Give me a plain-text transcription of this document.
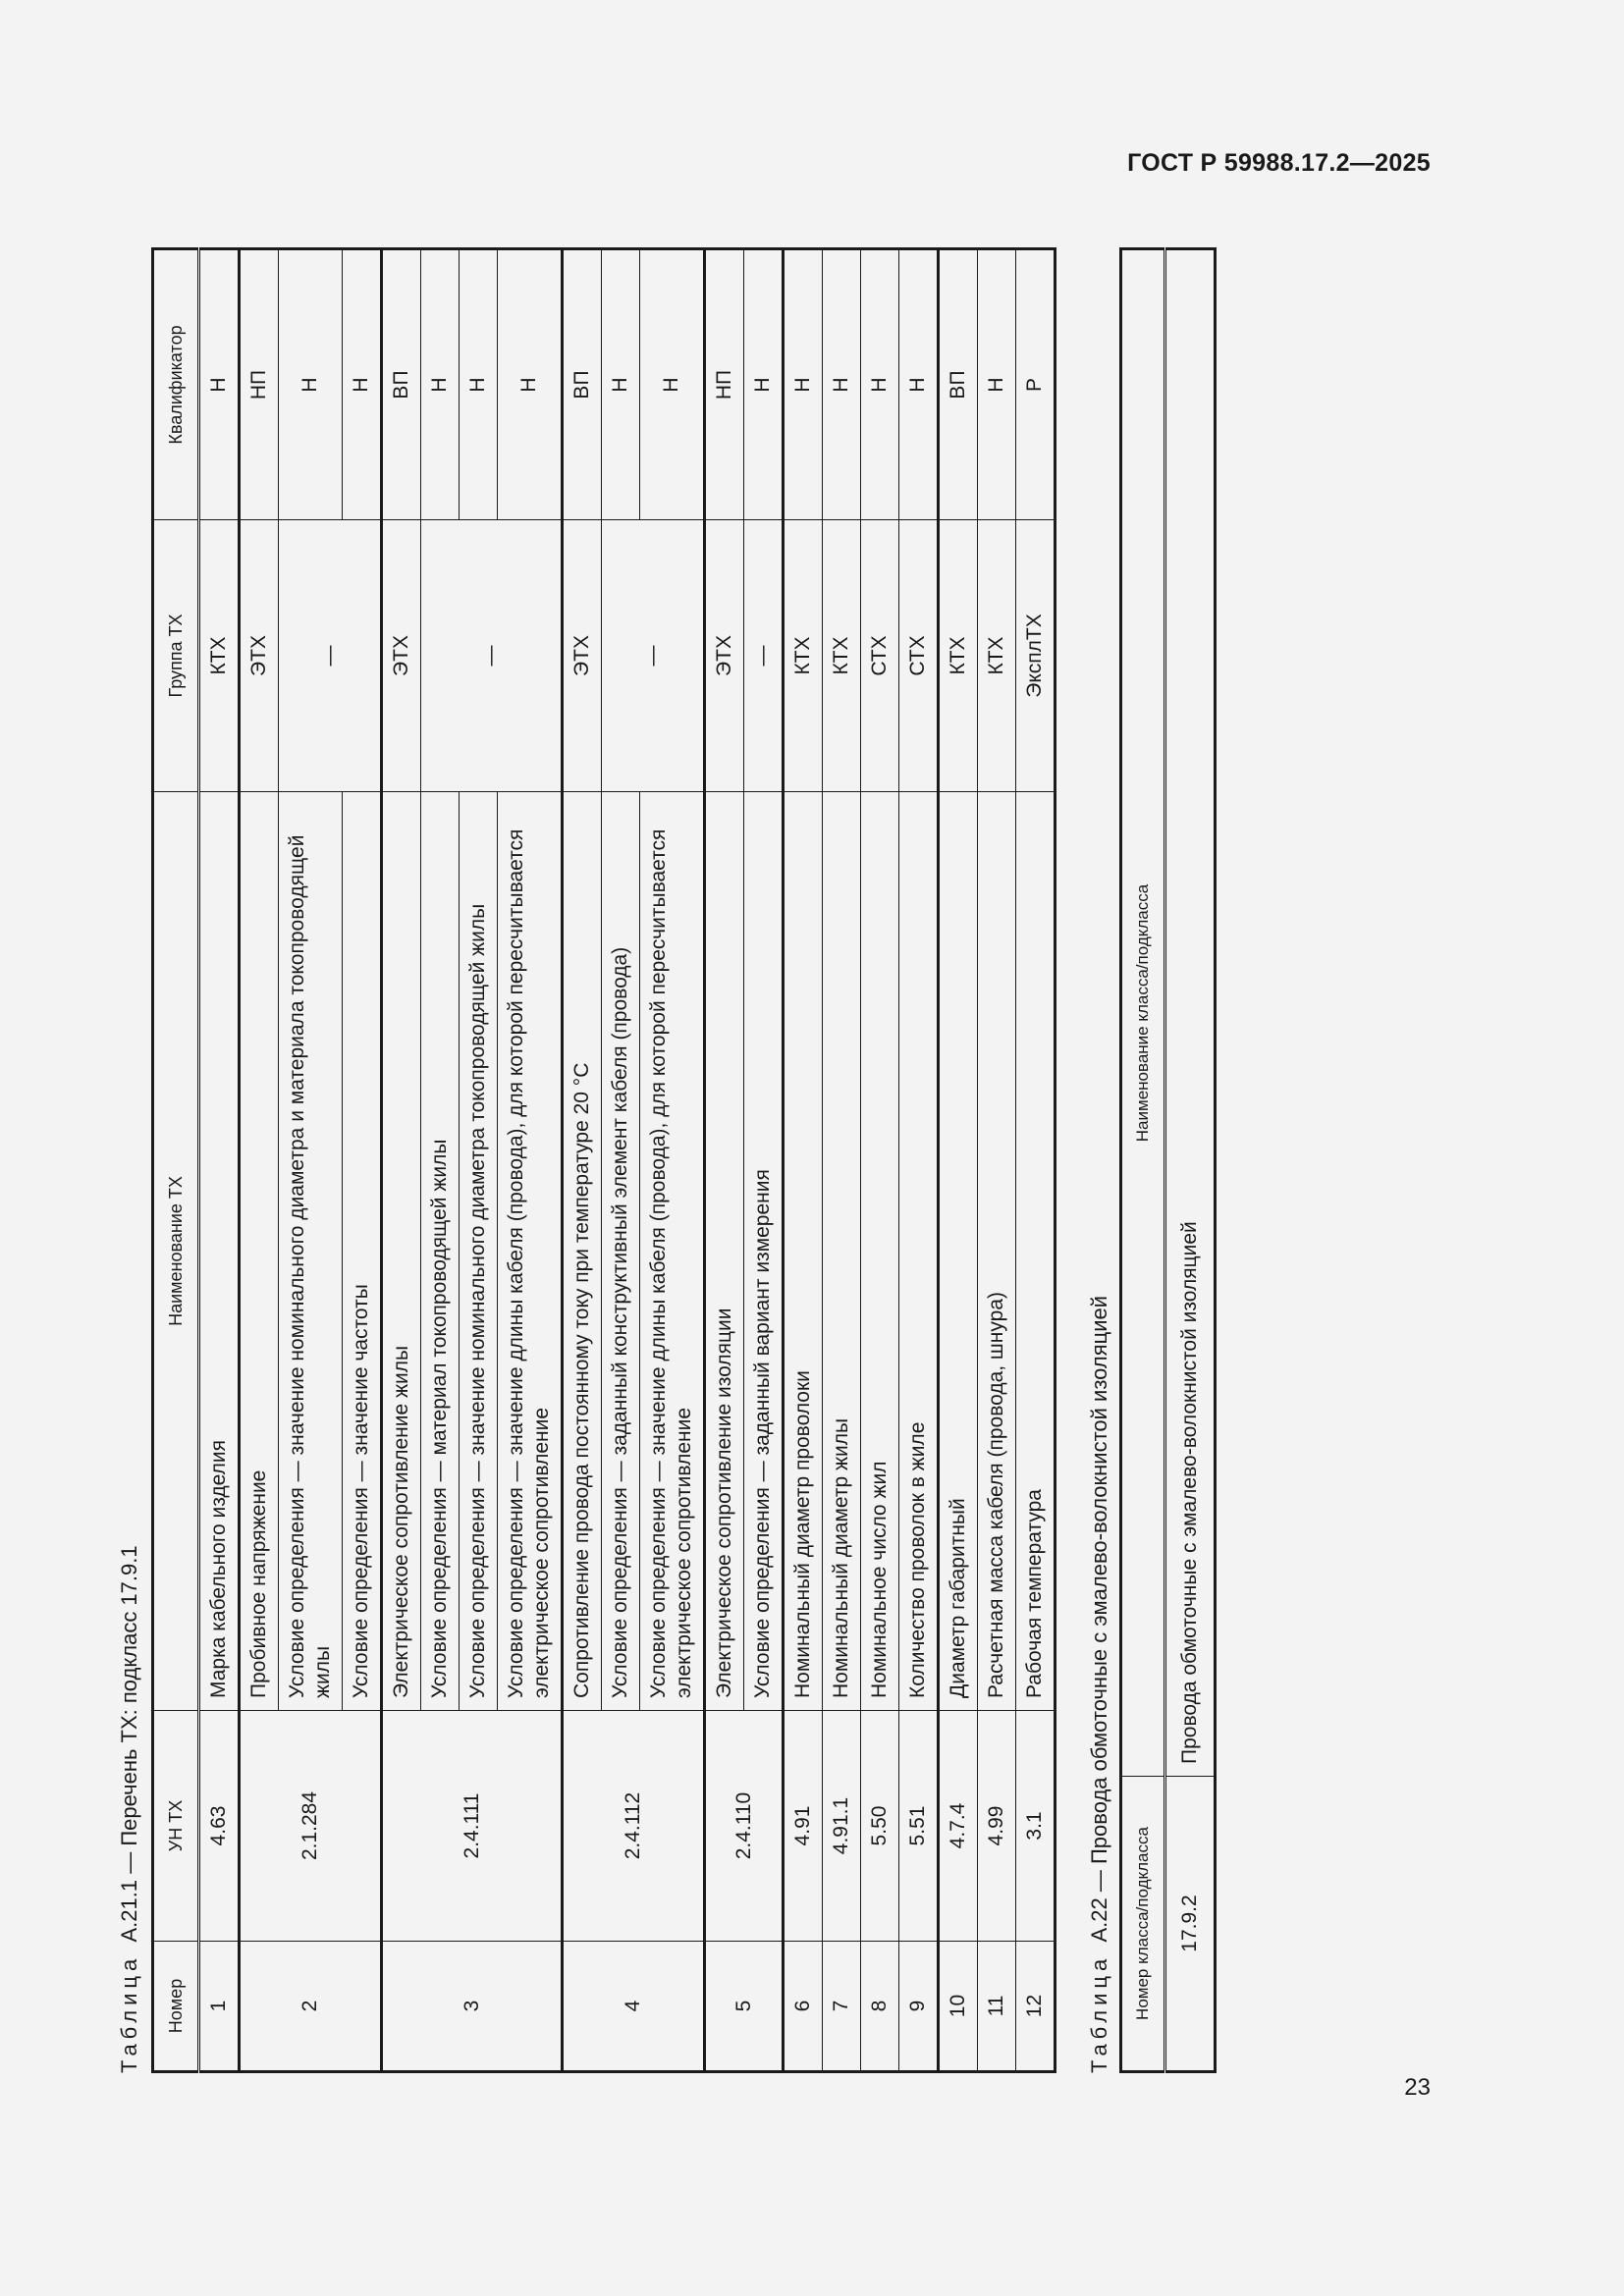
ГОСТ Р 59988.17.2—2025
Таблица  А.21.1 — Перечень ТХ: подкласс 17.9.1
Номер	УН ТХ	Наименование ТХ	Группа ТХ	Квалификатор
1	4.63	Марка кабельного изделия	КТХ	Н
2	2.1.284	Пробивное напряжение	ЭТХ	НП
		Условие определения — значение номинального диаметра и материала токопроводящей жилы	—	Н
		Условие определения — значение частоты		Н
3	2.4.111	Электрическое сопротивление жилы	ЭТХ	ВП
		Условие определения — материал токопроводящей жилы	—	Н
		Условие определения — значение номинального диаметра токопроводящей жилы		Н
		Условие определения — значение длины кабеля (провода), для которой пересчитывается электрическое сопротивление		Н
4	2.4.112	Сопротивление провода постоянному току при температуре 20 °С	ЭТХ	ВП
		Условие определения — заданный конструктивный элемент кабеля (провода)	—	Н
		Условие определения — значение длины кабеля (провода), для которой пересчитывается электрическое сопротивление		Н
5	2.4.110	Электрическое сопротивление изоляции	ЭТХ	НП
		Условие определения — заданный вариант измерения	—	Н
6	4.91	Номинальный диаметр проволоки	КТХ	Н
7	4.91.1	Номинальный диаметр жилы	КТХ	Н
8	5.50	Номинальное число жил	СТХ	Н
9	5.51	Количество проволок в жиле	СТХ	Н
10	4.7.4	Диаметр габаритный	КТХ	ВП
11	4.99	Расчетная масса кабеля (провода, шнура)	КТХ	Н
12	3.1	Рабочая температура	ЭксплТХ	Р
Таблица  А.22 — Провода обмоточные с эмалево-волокнистой изоляцией	Номер класса/подкласса	Наименование класса/подкласса
17.9.2	Провода обмоточные с эмалево-волокнистой изоляцией
23
